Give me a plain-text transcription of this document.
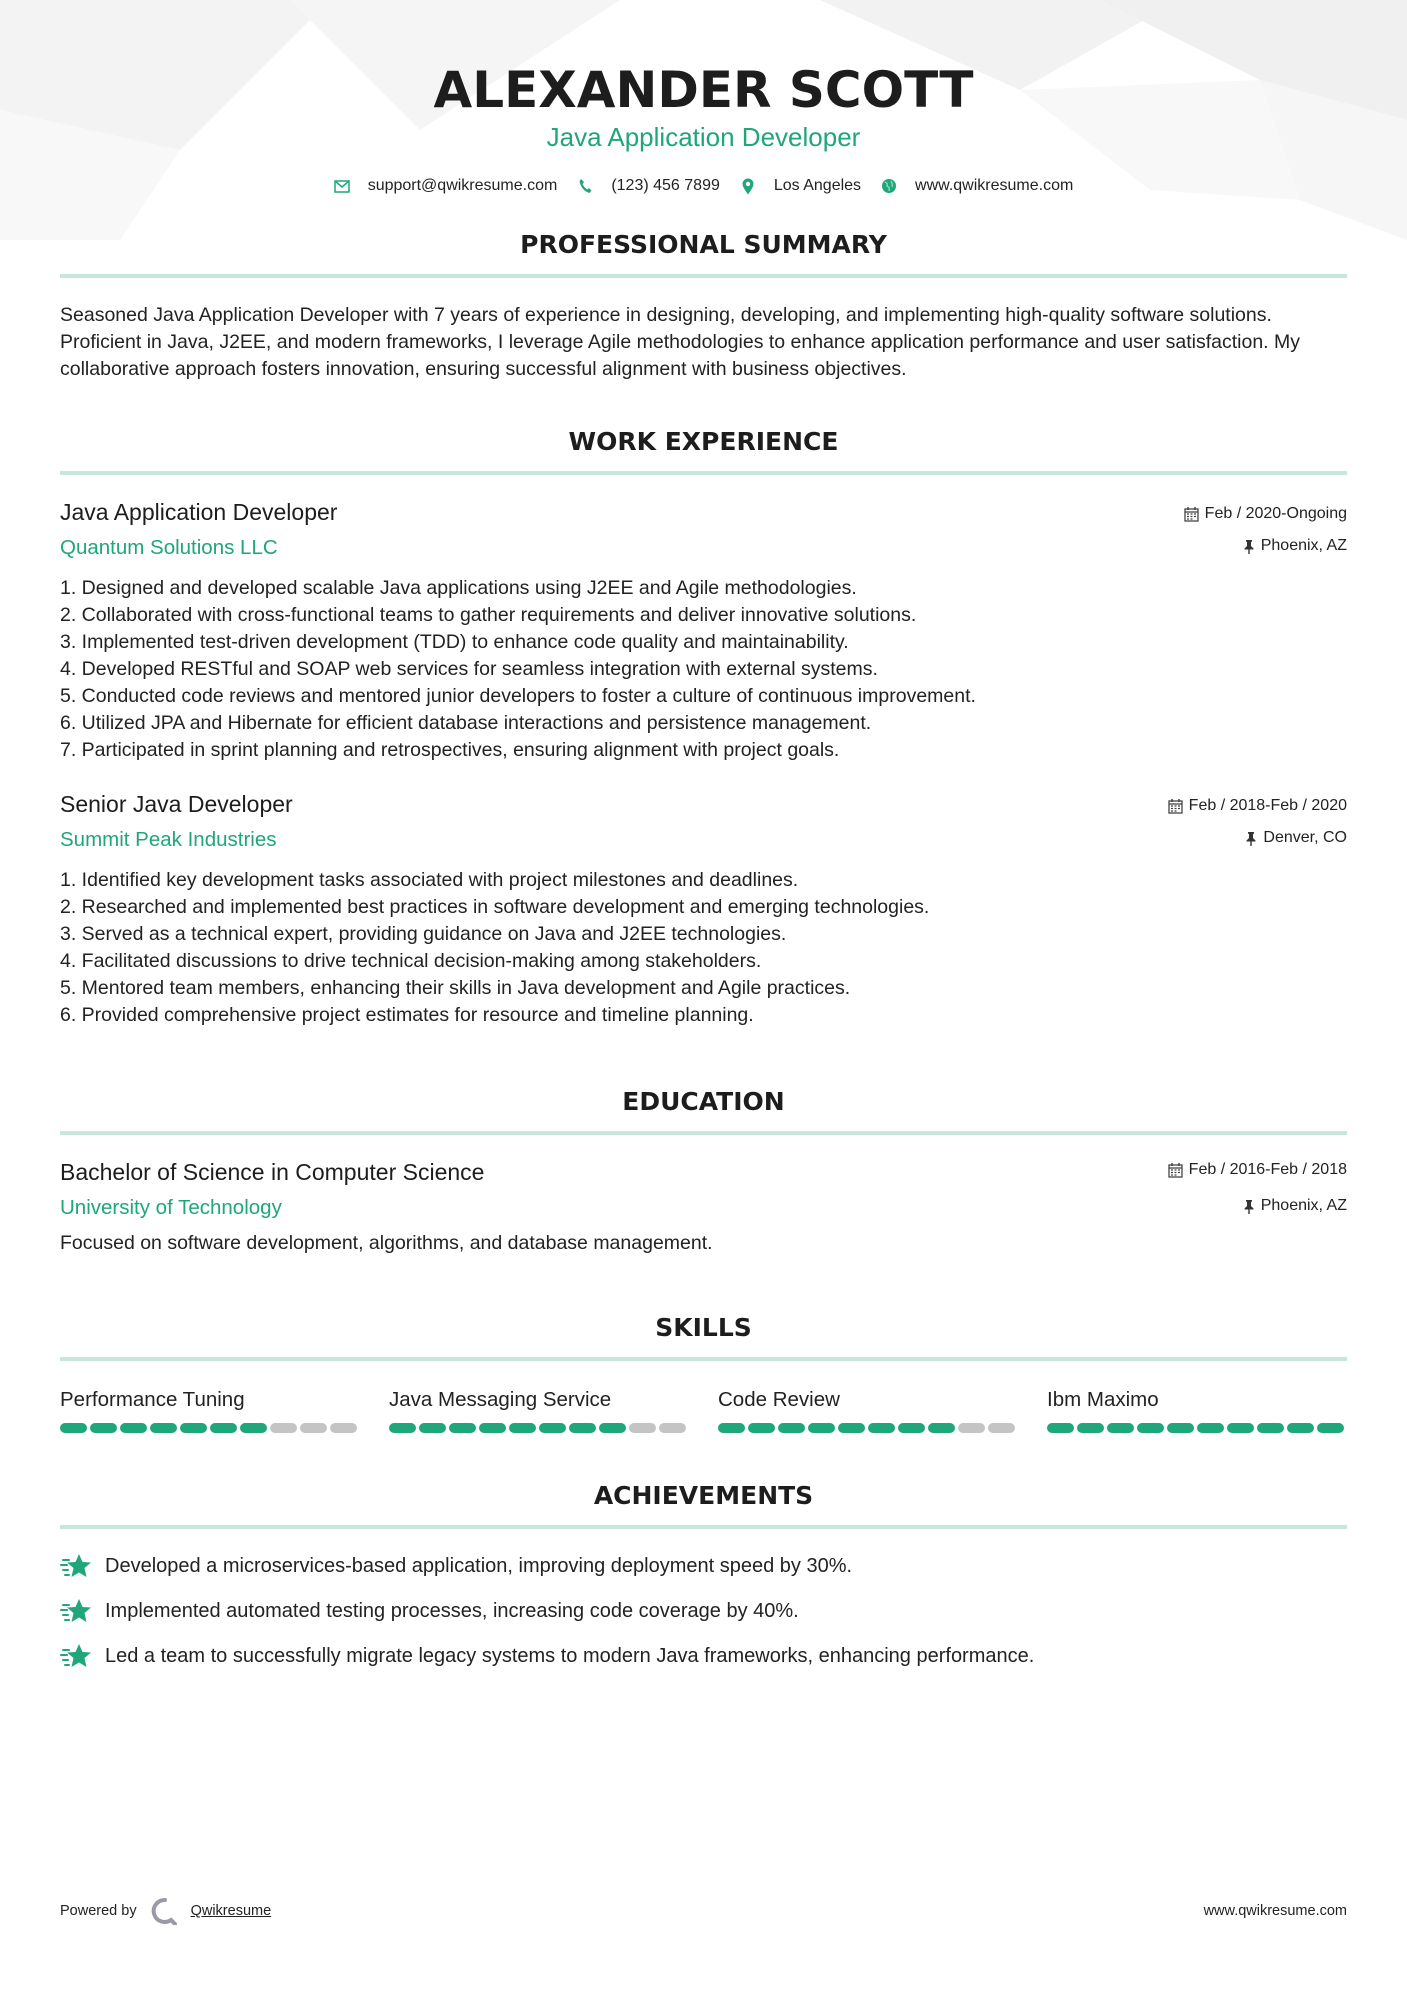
ALEXANDER SCOTT
Java Application Developer
support@qwikresume.com	(123) 456 7899	Los Angeles	www.qwikresume.com
PROFESSIONAL SUMMARY

Seasoned Java Application Developer with 7 years of experience in designing, developing, and implementing high-quality software solutions. Proficient in Java, J2EE, and modern frameworks, I leverage Agile methodologies to enhance application performance and user satisfaction. My collaborative approach fosters innovation, ensuring successful alignment with business objectives.

WORK EXPERIENCE
Java Application Developer
Quantum Solutions LLC
Feb / 2020-Ongoing
Phoenix, AZ
1. Designed and developed scalable Java applications using J2EE and Agile methodologies.
2. Collaborated with cross-functional teams to gather requirements and deliver innovative solutions.
3. Implemented test-driven development (TDD) to enhance code quality and maintainability.
4. Developed RESTful and SOAP web services for seamless integration with external systems.
5. Conducted code reviews and mentored junior developers to foster a culture of continuous improvement.
6. Utilized JPA and Hibernate for efficient database interactions and persistence management.
7. Participated in sprint planning and retrospectives, ensuring alignment with project goals.
Senior Java Developer
Summit Peak Industries
Feb / 2018-Feb / 2020
Denver, CO
1. Identified key development tasks associated with project milestones and deadlines.
2. Researched and implemented best practices in software development and emerging technologies.
3. Served as a technical expert, providing guidance on Java and J2EE technologies.
4. Facilitated discussions to drive technical decision-making among stakeholders.
5. Mentored team members, enhancing their skills in Java development and Agile practices.
6. Provided comprehensive project estimates for resource and timeline planning.
EDUCATION
Bachelor of Science in Computer Science
University of Technology
Feb / 2016-Feb / 2018
Phoenix, AZ

Focused on software development, algorithms, and database management.

SKILLS
Performance Tuning	Java Messaging Service	Code Review	Ibm Maximo
ACHIEVEMENTS
Developed a microservices-based application, improving deployment speed by 30%.
Implemented automated testing processes, increasing code coverage by 40%.
Led a team to successfully migrate legacy systems to modern Java frameworks, enhancing performance.
Powered by	Qwikresume	www.qwikresume.com
